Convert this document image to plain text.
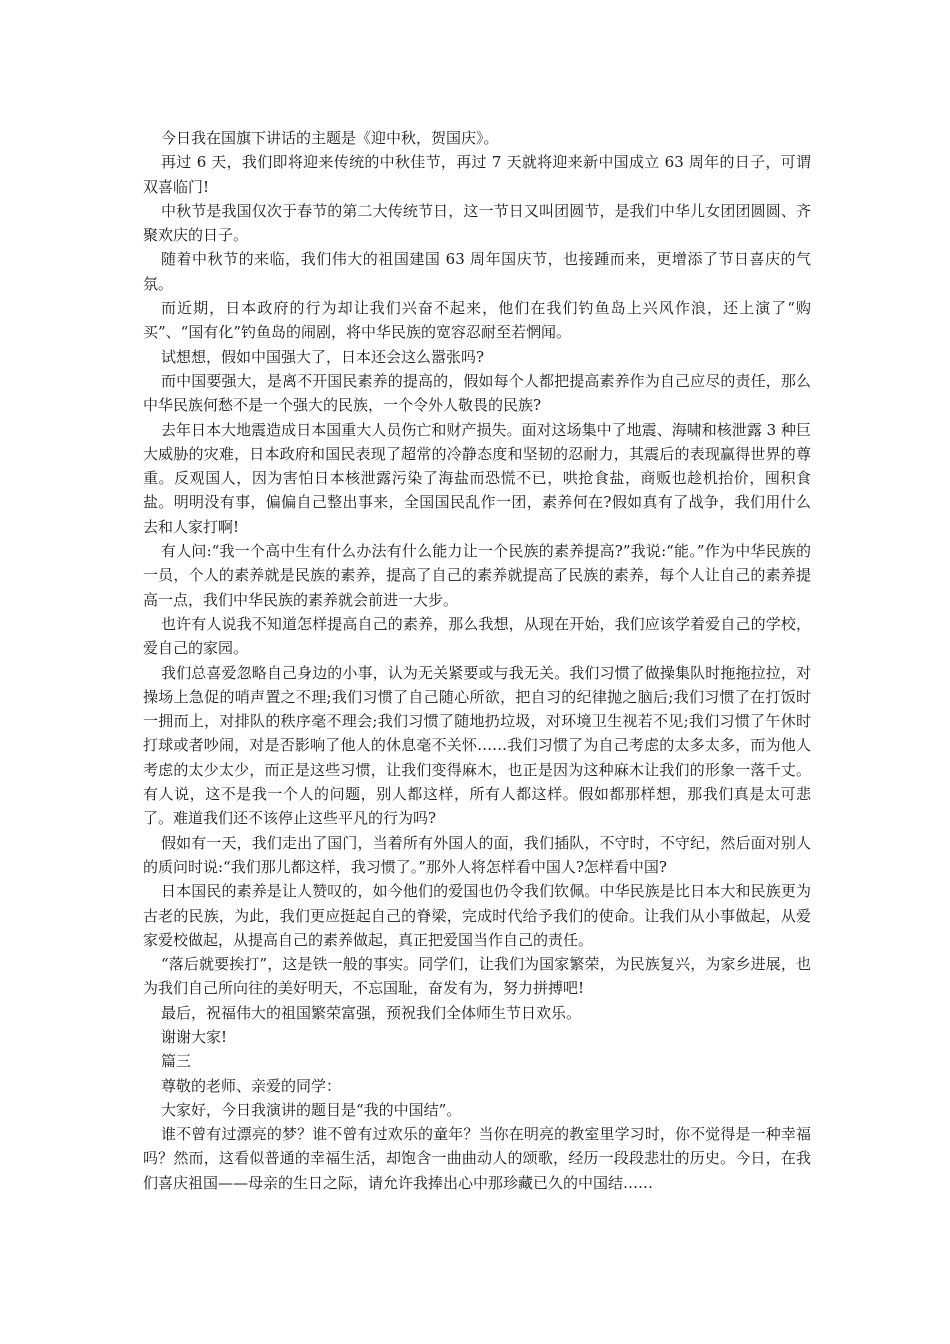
今日我在国旗下讲话的主题是《迎中秋，贺国庆》。

再过 6 天，我们即将迎来传统的中秋佳节，再过 7 天就将迎来新中国成立 63 周年的日子，可谓双喜临门!

中秋节是我国仅次于春节的第二大传统节日，这一节日又叫团圆节，是我们中华儿女团团圆圆、齐聚欢庆的日子。

随着中秋节的来临，我们伟大的祖国建国 63 周年国庆节，也接踵而来，更增添了节日喜庆的气氛。

而近期，日本政府的行为却让我们兴奋不起来，他们在我们钓鱼岛上兴风作浪，还上演了“购买”、“国有化”钓鱼岛的闹剧，将中华民族的宽容忍耐至若惘闻。

试想想，假如中国强大了，日本还会这么嚣张吗?

而中国要强大，是离不开国民素养的提高的，假如每个人都把提高素养作为自己应尽的责任，那么中华民族何愁不是一个强大的民族，一个令外人敬畏的民族?

去年日本大地震造成日本国重大人员伤亡和财产损失。面对这场集中了地震、海啸和核泄露 3 种巨大威胁的灾难，日本政府和国民表现了超常的冷静态度和坚韧的忍耐力，其震后的表现赢得世界的尊重。反观国人，因为害怕日本核泄露污染了海盐而恐慌不已，哄抢食盐，商贩也趁机抬价，囤积食盐。明明没有事，偏偏自己整出事来，全国国民乱作一团，素养何在?假如真有了战争，我们用什么去和人家打啊!

有人问:“我一个高中生有什么办法有什么能力让一个民族的素养提高?”我说:“能。”作为中华民族的一员，个人的素养就是民族的素养，提高了自己的素养就提高了民族的素养，每个人让自己的素养提高一点，我们中华民族的素养就会前进一大步。

也许有人说我不知道怎样提高自己的素养，那么我想，从现在开始，我们应该学着爱自己的学校，爱自己的家园。

我们总喜爱忽略自己身边的小事，认为无关紧要或与我无关。我们习惯了做操集队时拖拖拉拉，对操场上急促的哨声置之不理;我们习惯了自己随心所欲，把自习的纪律抛之脑后;我们习惯了在打饭时一拥而上，对排队的秩序毫不理会;我们习惯了随地扔垃圾，对环境卫生视若不见;我们习惯了午休时打球或者吵闹，对是否影响了他人的休息毫不关怀……我们习惯了为自己考虑的太多太多，而为他人考虑的太少太少，而正是这些习惯，让我们变得麻木，也正是因为这种麻木让我们的形象一落千丈。有人说，这不是我一个人的问题，别人都这样，所有人都这样。假如都那样想，那我们真是太可悲了。难道我们还不该停止这些平凡的行为吗?

假如有一天，我们走出了国门，当着所有外国人的面，我们插队，不守时，不守纪，然后面对别人的质问时说:“我们那儿都这样，我习惯了。”那外人将怎样看中国人?怎样看中国?

日本国民的素养是让人赞叹的，如今他们的爱国也仍令我们钦佩。中华民族是比日本大和民族更为古老的民族，为此，我们更应挺起自己的脊梁，完成时代给予我们的使命。让我们从小事做起，从爱家爱校做起，从提高自己的素养做起，真正把爱国当作自己的责任。

“落后就要挨打”，这是铁一般的事实。同学们，让我们为国家繁荣，为民族复兴，为家乡进展，也为我们自己所向往的美好明天，不忘国耻，奋发有为，努力拼搏吧!

最后，祝福伟大的祖国繁荣富强，预祝我们全体师生节日欢乐。

谢谢大家!

篇三

尊敬的老师、亲爱的同学：

大家好，今日我演讲的题目是“我的中国结”。

谁不曾有过漂亮的梦？谁不曾有过欢乐的童年？当你在明亮的教室里学习时，你不觉得是一种幸福吗？然而，这看似普通的幸福生活，却饱含一曲曲动人的颂歌，经历一段段悲壮的历史。今日，在我们喜庆祖国——母亲的生日之际，请允许我捧出心中那珍藏已久的中国结……
